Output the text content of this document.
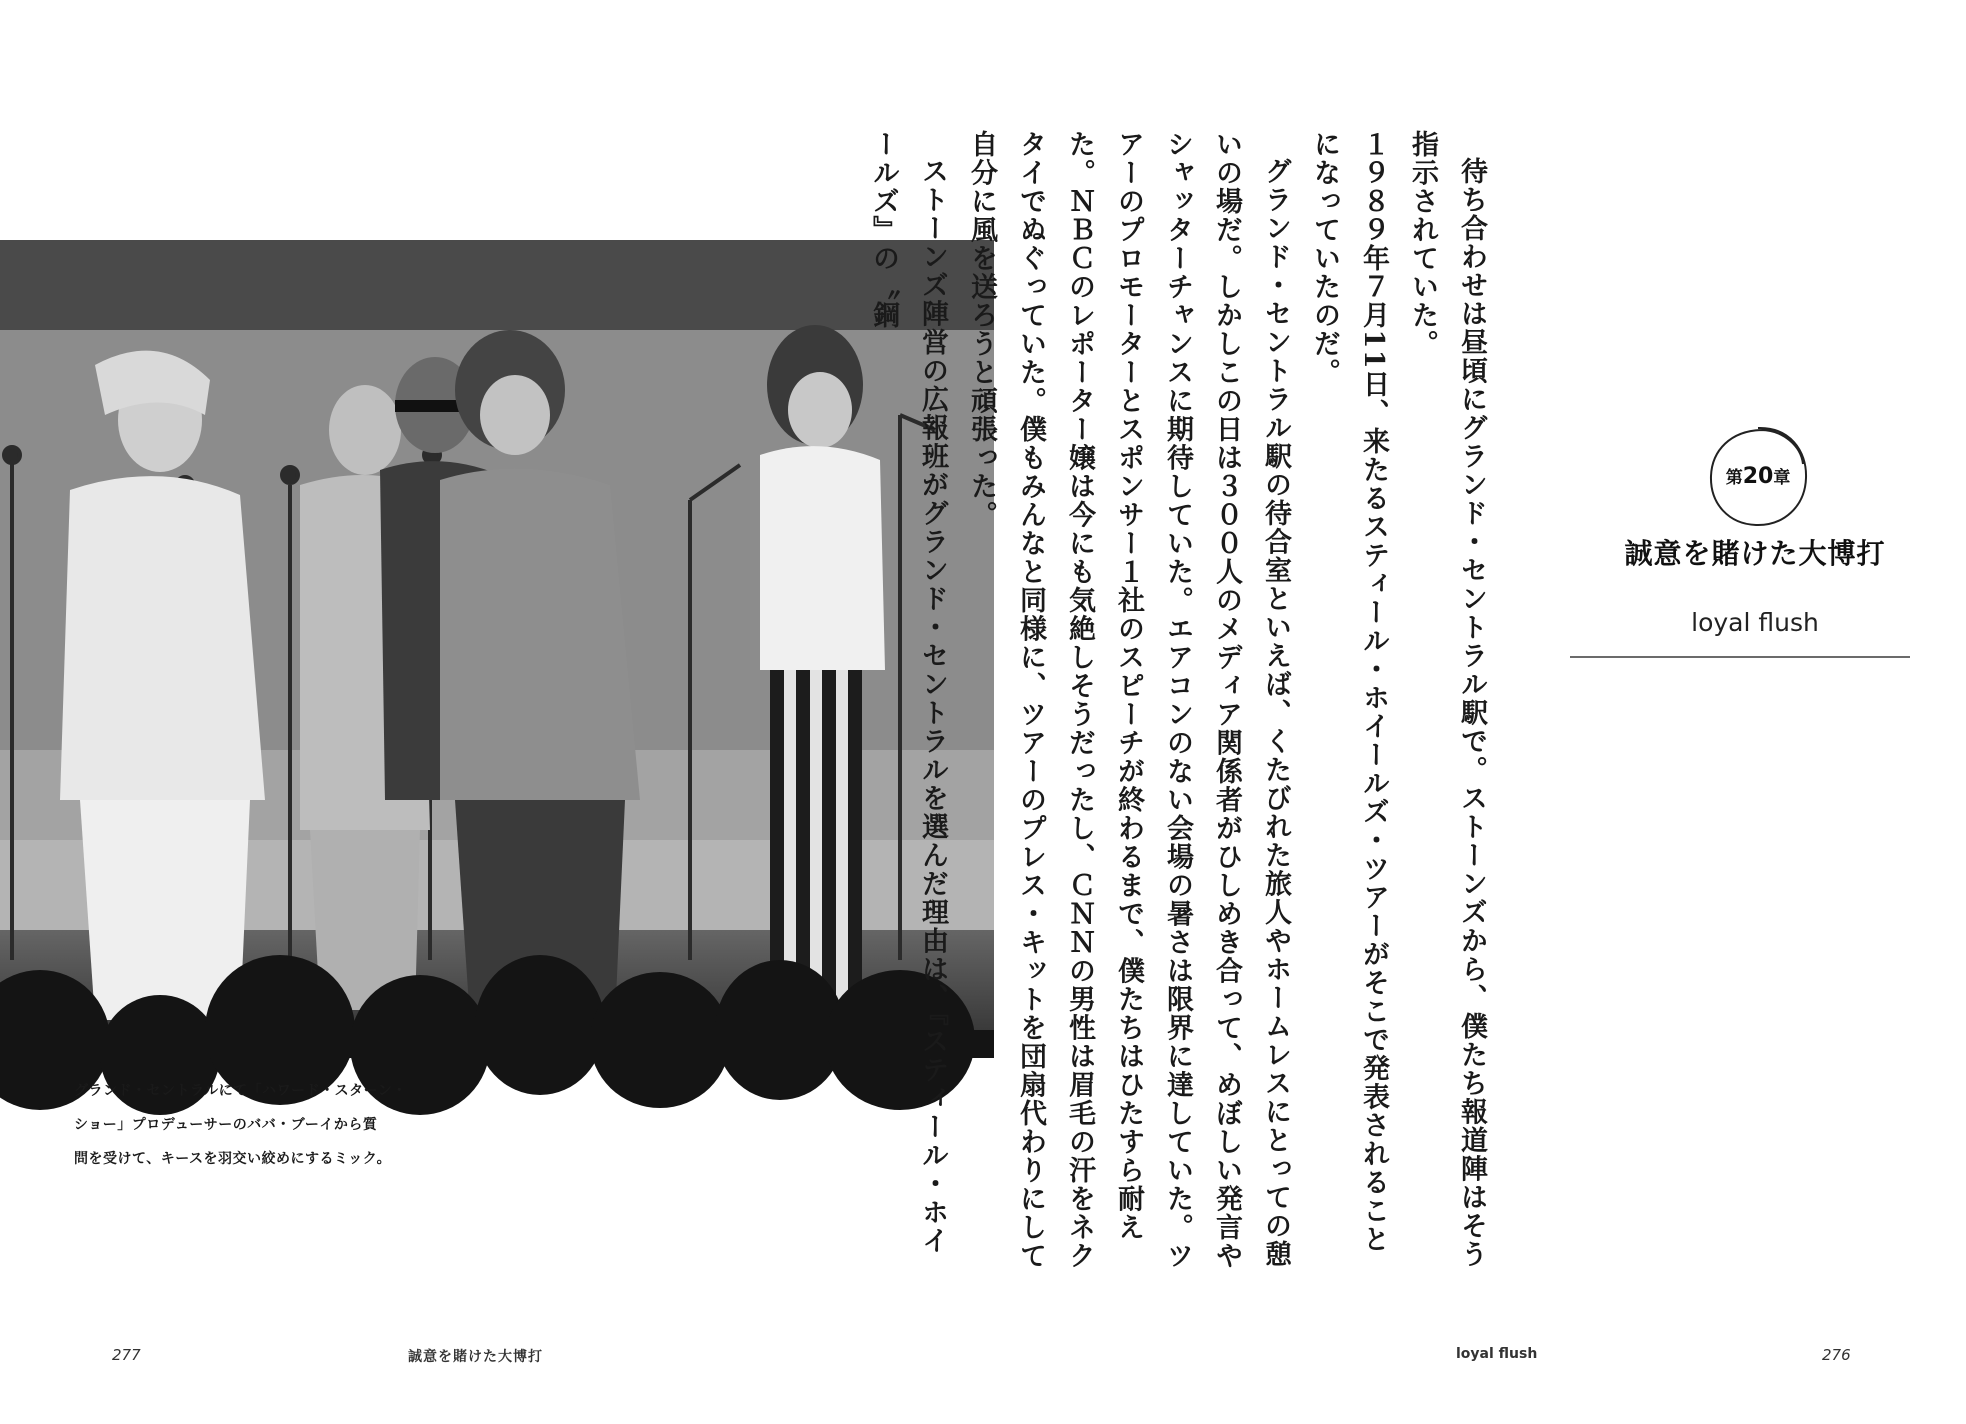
グランド・セントラルにて「ハワード・スターン・
ショー」プロデューサーのババ・ブーイから質
問を受けて、キースを羽交い絞めにするミック。
277	誠意を賭けた大博打

待ち合わせは昼頃にグランド・セントラル駅で。ストーンズから、僕たち報道陣はそう指示されていた。

１９８９年７月11日、来たるスティール・ホイールズ・ツアーがそこで発表されることになっていたのだ。

グランド・セントラル駅の待合室といえば、くたびれた旅人やホームレスにとっての憩いの場だ。しかしこの日は３００人のメディア関係者がひしめき合って、めぼしい発言やシャッターチャンスに期待していた。エアコンのない会場の暑さは限界に達していた。ツアーのプロモーターとスポンサー１社のスピーチが終わるまで、僕たちはひたすら耐えた。ＮＢＣのレポーター嬢は今にも気絶しそうだったし、ＣＮＮの男性は眉毛の汗をネクタイでぬぐっていた。僕もみんなと同様に、ツアーのプレス・キットを団扇代わりにして自分に風を送ろうと頑張った。

ストーンズ陣営の広報班がグランド・セントラルを選んだ理由は、『スティール・ホイールズ』の〝鋼

第20章
誠意を賭けた大博打
loyal flush
loyal flush	276
